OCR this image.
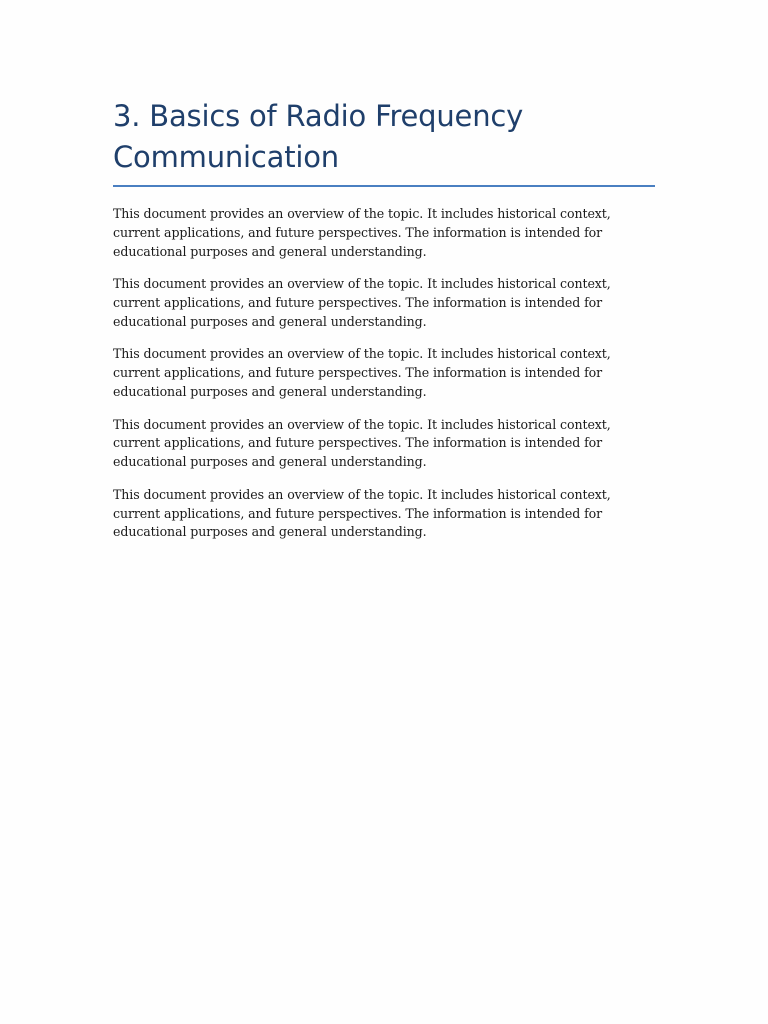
3. Basics of Radio Frequency Communication

This document provides an overview of the topic. It includes historical context, current applications, and future perspectives. The information is intended for educational purposes and general understanding.

This document provides an overview of the topic. It includes historical context, current applications, and future perspectives. The information is intended for educational purposes and general understanding.

This document provides an overview of the topic. It includes historical context, current applications, and future perspectives. The information is intended for educational purposes and general understanding.

This document provides an overview of the topic. It includes historical context, current applications, and future perspectives. The information is intended for educational purposes and general understanding.

This document provides an overview of the topic. It includes historical context, current applications, and future perspectives. The information is intended for educational purposes and general understanding.
